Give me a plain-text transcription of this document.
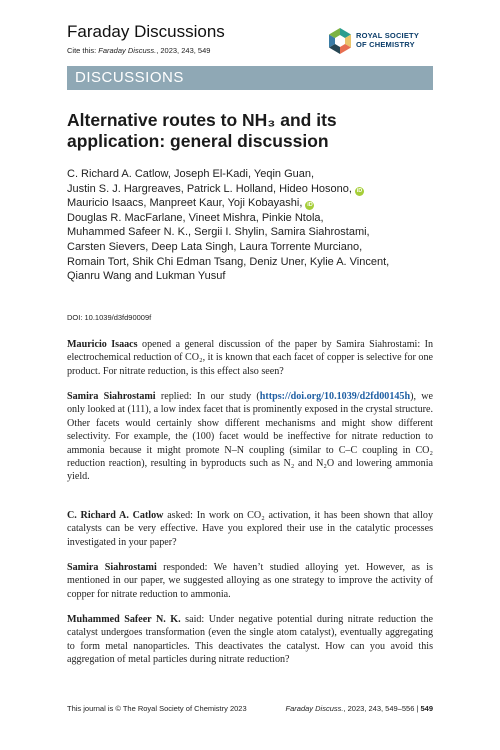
Faraday Discussions
Cite this: Faraday Discuss., 2023, 243, 549
ROYAL SOCIETY
OF CHEMISTRY
DISCUSSIONS
Alternative routes to NH₃ and its application: general discussion
C. Richard A. Catlow, Joseph El-Kadi, Yeqin Guan,
Justin S. J. Hargreaves, Patrick L. Holland, Hideo Hosono, iD
Mauricio Isaacs, Manpreet Kaur, Yoji Kobayashi, iD
Douglas R. MacFarlane, Vineet Mishra, Pinkie Ntola,
Muhammed Safeer N. K., Sergii I. Shylin, Samira Siahrostami,
Carsten Sievers, Deep Lata Singh, Laura Torrente Murciano,
Romain Tort, Shik Chi Edman Tsang, Deniz Uner, Kylie A. Vincent,
Qianru Wang and Lukman Yusuf
DOI: 10.1039/d3fd90009f
Mauricio Isaacs opened a general discussion of the paper by Samira Siahrostami: In electrochemical reduction of CO₂, it is known that each facet of copper is selective for one product. For nitrate reduction, is this effect also seen?
Samira Siahrostami replied: In our study (https://doi.org/10.1039/d2fd00145h), we only looked at (111), a low index facet that is prominently exposed in the crystal structure. Other facets would certainly show different mechanisms and might show different selectivity. For example, the (100) facet would be ineffective for nitrate reduction to ammonia because it might promote N–N coupling (similar to C–C coupling in CO₂ reduction reaction), resulting in byproducts such as N₂ and N₂O and lowering ammonia yield.
C. Richard A. Catlow asked: In work on CO₂ activation, it has been shown that alloy catalysts can be very effective. Have you explored their use in the catalytic processes investigated in your paper?
Samira Siahrostami responded: We haven’t studied alloying yet. However, as is mentioned in our paper, we suggested alloying as one strategy to improve the activity of copper for nitrate reduction to ammonia.
Muhammed Safeer N. K. said: Under negative potential during nitrate reduction the catalyst undergoes transformation (even the single atom catalyst), eventually aggregating to form metal nanoparticles. This deactivates the catalyst. How can you avoid this aggregation of metal particles during nitrate reduction?
This journal is © The Royal Society of Chemistry 2023	Faraday Discuss., 2023, 243, 549–556 | 549
